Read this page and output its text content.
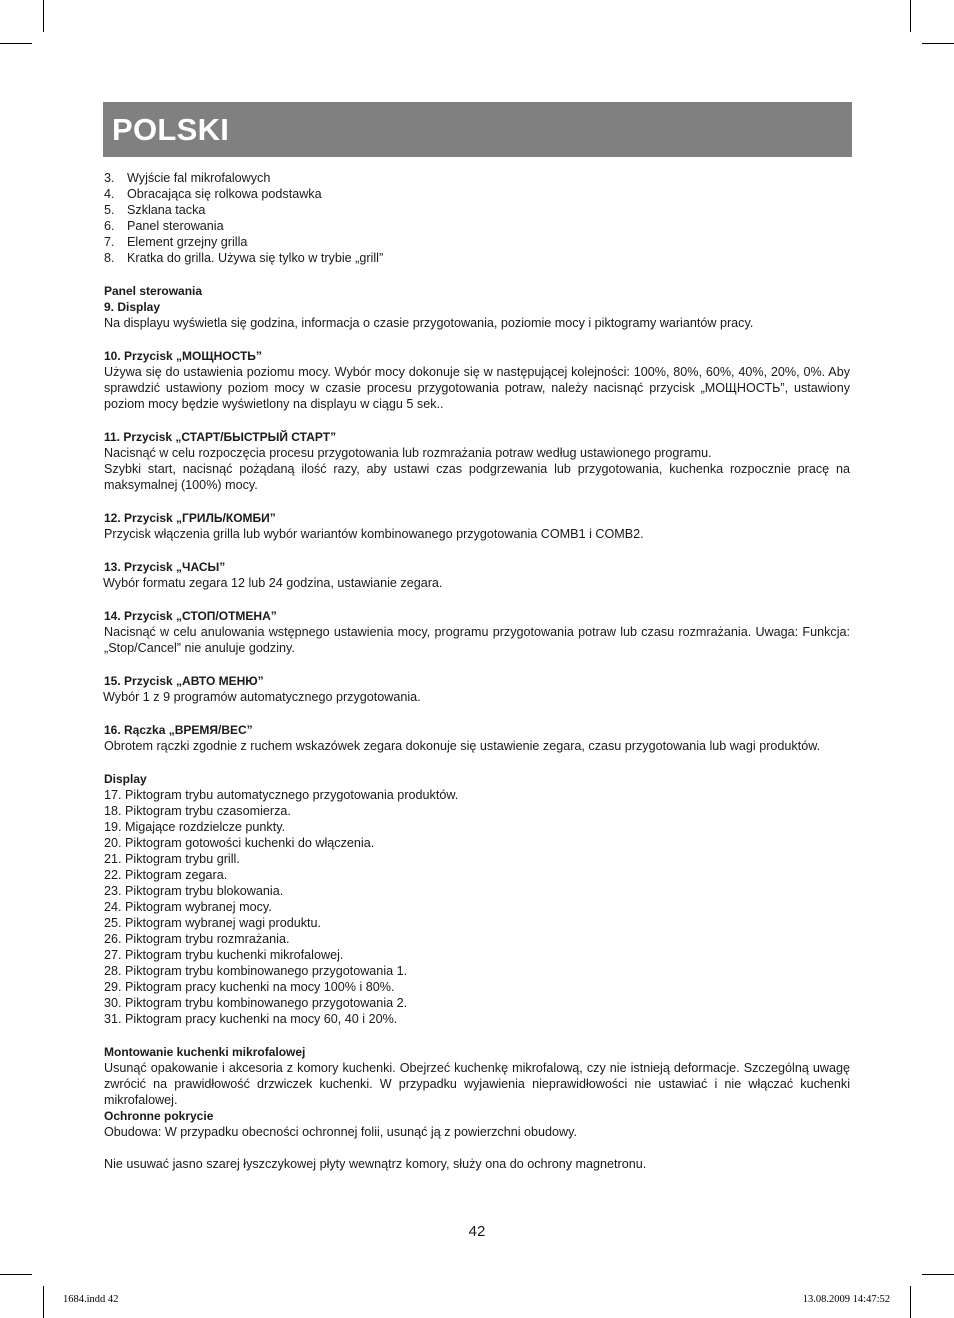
POLSKI
3. Wyjście fal mikrofalowych
4. Obracająca się rolkowa podstawka
5. Szklana tacka
6. Panel sterowania
7. Element grzejny grilla
8. Kratka do grilla. Używa się tylko w trybie „grill”
Panel sterowania
9. Display
Na displayu wyświetla się godzina, informacja o czasie przygotowania, poziomie mocy i piktogramy wariantów pracy.
10. Przycisk „МОЩНОСТЬ”
Używa się do ustawienia poziomu mocy. Wybór mocy dokonuje się w następującej kolejności: 100%, 80%, 60%, 40%, 20%, 0%. Aby sprawdzić ustawiony poziom mocy w czasie procesu przygotowania potraw, należy nacisnąć przycisk „МОЩНОСТЬ”, ustawiony poziom mocy będzie wyświetlony na displayu w ciągu 5 sek..
11. Przycisk „СТАРТ/БЫСТРЫЙ СТАРТ”
Nacisnąć w celu rozpoczęcia procesu przygotowania lub rozmrażania potraw według ustawionego programu.
Szybki start, nacisnąć pożądaną ilość razy, aby ustawi czas podgrzewania lub przygotowania, kuchenka rozpocznie pracę na maksymalnej (100%) mocy.
12. Przycisk „ГРИЛЬ/КОМБИ”
Przycisk włączenia grilla lub wybór wariantów kombinowanego przygotowania COMB1 i COMB2.
13. Przycisk „ЧАСЫ”
Wybór formatu zegara 12 lub 24 godzina, ustawianie zegara.
14. Przycisk „СТОП/ОТМЕНА”
Nacisnąć w celu anulowania wstępnego ustawienia mocy, programu przygotowania potraw lub czasu rozmrażania. Uwaga: Funkcja: „Stop/Cancel” nie anuluje godziny.
15. Przycisk „АВТО МЕНЮ”
Wybór 1 z 9 programów automatycznego przygotowania.
16. Rączka „ВРЕМЯ/ВЕС”
Obrotem rączki zgodnie z ruchem wskazówek zegara dokonuje się ustawienie zegara, czasu przygotowania lub wagi produktów.
Display
17. Piktogram trybu automatycznego przygotowania produktów.
18. Piktogram trybu czasomierza.
19. Migające rozdzielcze punkty.
20. Piktogram gotowości kuchenki do włączenia.
21. Piktogram trybu grill.
22. Piktogram zegara.
23. Piktogram trybu blokowania.
24. Piktogram wybranej mocy.
25. Piktogram wybranej wagi produktu.
26. Piktogram trybu rozmrażania.
27. Piktogram trybu kuchenki mikrofalowej.
28. Piktogram trybu kombinowanego przygotowania 1.
29. Piktogram pracy kuchenki na mocy 100% i 80%.
30. Piktogram trybu kombinowanego przygotowania 2.
31. Piktogram pracy kuchenki na mocy 60, 40 i 20%.
Montowanie kuchenki mikrofalowej
Usunąć opakowanie i akcesoria z komory kuchenki. Obejrzeć kuchenkę mikrofalową, czy nie istnieją deformacje. Szczególną uwagę zwrócić na prawidłowość drzwiczek kuchenki. W przypadku wyjawienia nieprawidłowości nie ustawiać i nie włączać kuchenki mikrofalowej.
Ochronne pokrycie
Obudowa: W przypadku obecności ochronnej folii, usunąć ją z powierzchni obudowy.
Nie usuwać jasno szarej łyszczykowej płyty wewnątrz komory, służy ona do ochrony magnetronu.
42
1684.indd 42	13.08.2009 14:47:52
